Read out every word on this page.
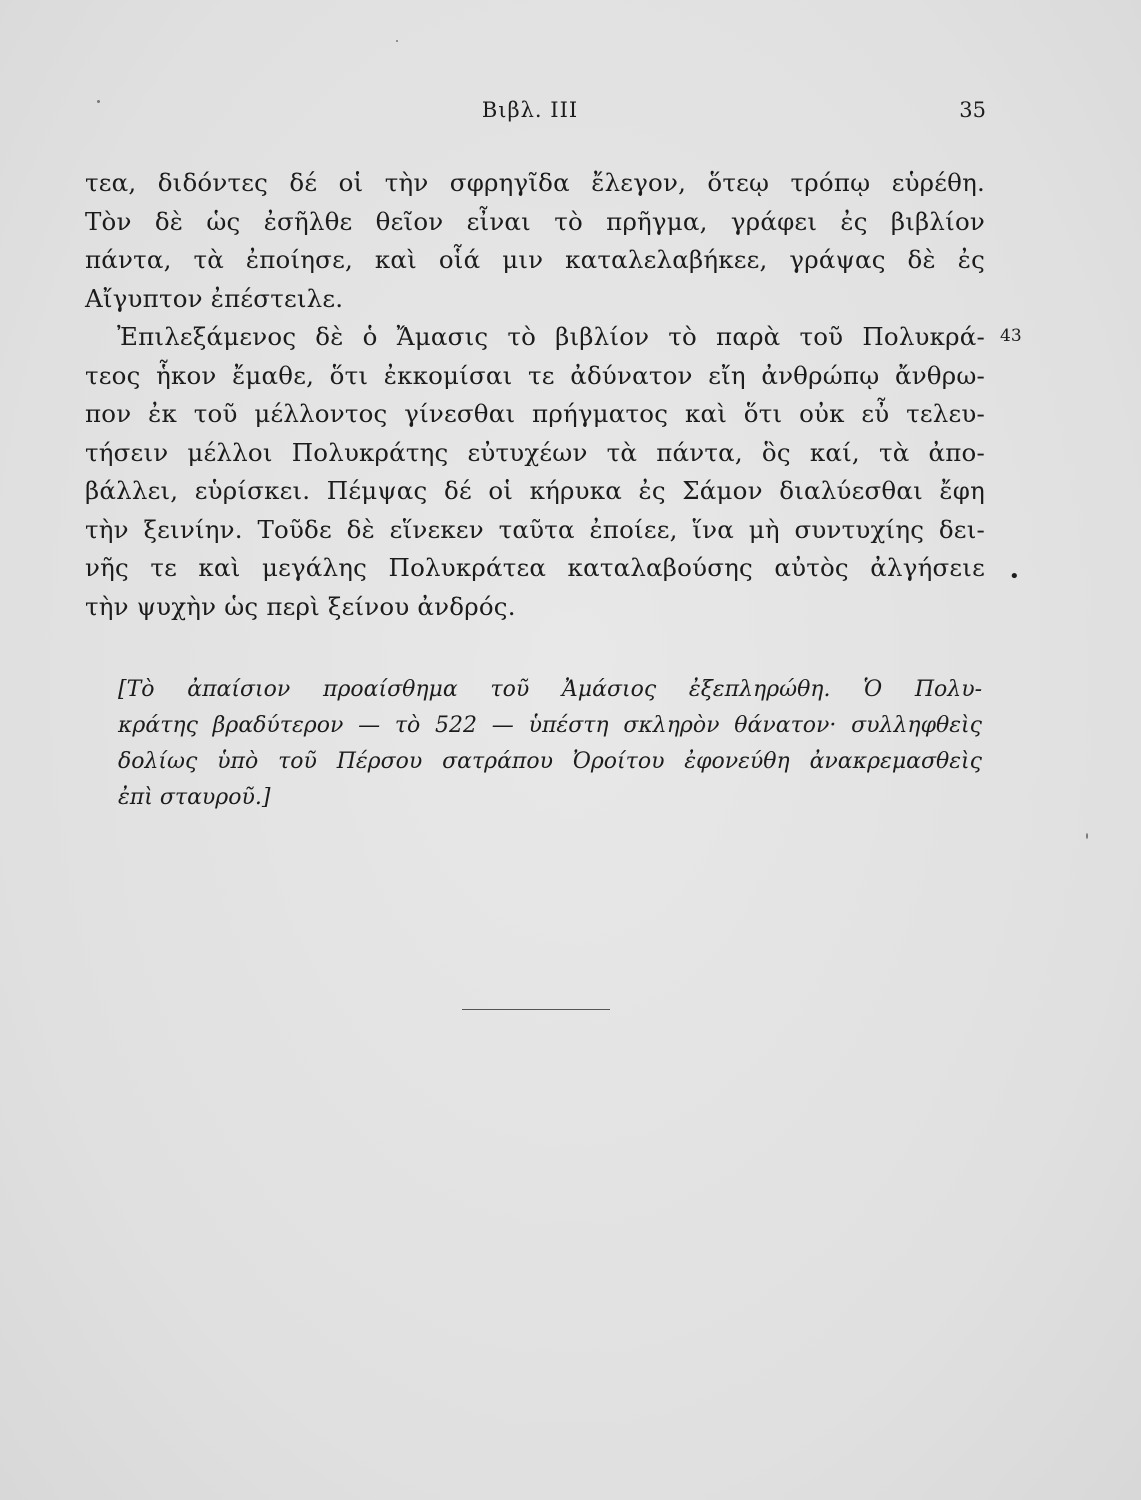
Βιβλ. ΙΙΙ	35
τεα, διδόντες δέ οἱ τὴν σφρηγῖδα ἔλεγον, ὅτεῳ τρόπῳ εὑρέθη.
Τὸν δὲ ὡς ἐσῆλθε θεῖον εἶναι τὸ πρῆγμα, γράφει ἐς βιβλίον
πάντα, τὰ ἐποίησε, καὶ οἷά μιν καταλελαβήκεε, γράψας δὲ ἐς
Αἴγυπτον ἐπέστειλε.
Ἐπιλεξάμενος δὲ ὁ Ἄμασις τὸ βιβλίον τὸ παρὰ τοῦ Πολυκρά-
τεος ἧκον ἔμαθε, ὅτι ἐκκομίσαι τε ἀδύνατον εἴη ἀνθρώπῳ ἄνθρω-
πον ἐκ τοῦ μέλλοντος γίνεσθαι πρήγματος καὶ ὅτι οὐκ εὖ τελευ-
τήσειν μέλλοι Πολυκράτης εὐτυχέων τὰ πάντα, ὃς καί, τὰ ἀπο-
βάλλει, εὑρίσκει. Πέμψας δέ οἱ κήρυκα ἐς Σάμον διαλύεσθαι ἔφη
τὴν ξεινίην. Τοῦδε δὲ εἵνεκεν ταῦτα ἐποίεε, ἵνα μὴ συντυχίης δει-
νῆς τε καὶ μεγάλης Πολυκράτεα καταλαβούσης αὐτὸς ἀλγήσειε
τὴν ψυχὴν ὡς περὶ ξείνου ἀνδρός.
43
•
[Τὸ ἀπαίσιον προαίσθημα τοῦ Ἀμάσιος ἐξεπληρώθη. Ὁ Πολυ-
κράτης βραδύτερον — τὸ 522 — ὑπέστη σκληρὸν θάνατον· συλληφθεὶς
δολίως ὑπὸ τοῦ Πέρσου σατράπου Ὀροίτου ἐφονεύθη ἀνακρεμασθεὶς
ἐπὶ σταυροῦ.]
